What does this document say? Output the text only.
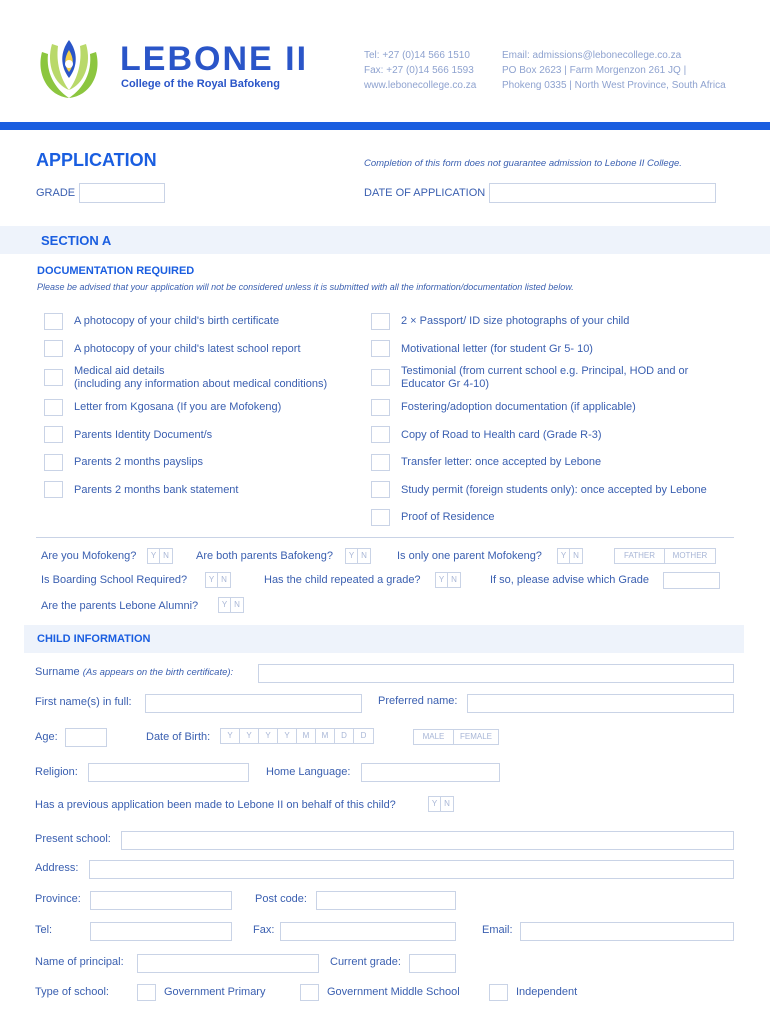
LEBONE II
College of the Royal Bafokeng
Tel: +27 (0)14 566 1510
Fax: +27 (0)14 566 1593
www.lebonecollege.co.za
Email: admissions@lebonecollege.co.za
PO Box 2623 | Farm Morgenzon 261 JQ |
Phokeng 0335 | North West Province, South Africa
APPLICATION	Completion of this form does not guarantee admission to Lebone II College.
GRADE	DATE OF APPLICATION
SECTION A
DOCUMENTATION REQUIRED
Please be advised that your application will not be considered unless it is submitted with all the information/documentation listed below.
A photocopy of your child's birth certificate
A photocopy of your child's latest school report
Medical aid details
(including any information about medical conditions)
Letter from Kgosana (If you are Mofokeng)
Parents Identity Document/s
Parents 2 months payslips
Parents 2 months bank statement
2 × Passport/ ID size photographs of your child
Motivational letter (for student Gr 5- 10)
Testimonial (from current school e.g. Principal, HOD and or
Educator Gr 4-10)
Fostering/adoption documentation (if applicable)
Copy of Road to Health card (Grade R-3)
Transfer letter: once accepted by Lebone
Study permit (foreign students only): once accepted by Lebone
Proof of Residence
Are you Mofokeng?	Y N Are both parents Bafokeng?	Y N	Is only one parent Mofokeng?	Y N	FATHER	MOTHER
Is Boarding School Required?	Y N	Has the child repeated a grade?	Y N	If so, please advise which Grade
Are the parents Lebone Alumni?	Y N
CHILD INFORMATION
Surname (As appears on the birth certificate):
First name(s) in full:	Preferred name:
Age:	Date of Birth:	Y	Y	Y	Y	M	M	D	D	MALE	FEMALE
Religion:	Home Language:
Has a previous application been made to Lebone II on behalf of this child?	Y N
Present school:
Address:
Province:	Post code:
Tel:	Fax:	Email:
Name of principal:	Current grade:
Type of school:	Government Primary	Government Middle School	Independent
